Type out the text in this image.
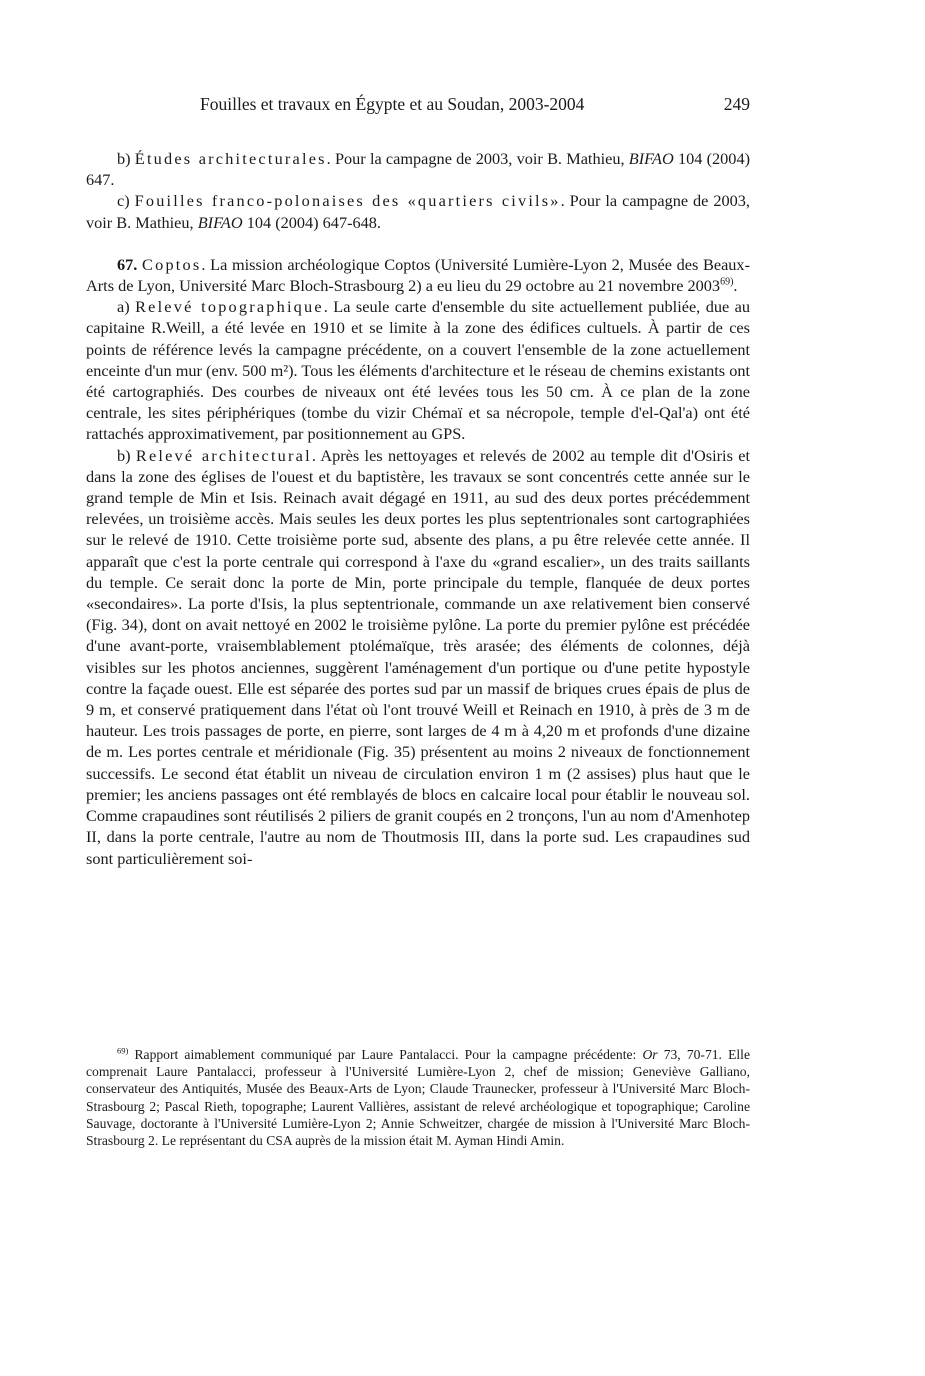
Fouilles et travaux en Égypte et au Soudan, 2003-2004	249

b) Études architecturales. Pour la campagne de 2003, voir B. Mathieu, BIFAO 104 (2004) 647.

c) Fouilles franco-polonaises des «quartiers civils». Pour la campagne de 2003, voir B. Mathieu, BIFAO 104 (2004) 647-648.

67. Coptos. La mission archéologique Coptos (Université Lumière-Lyon 2, Musée des Beaux-Arts de Lyon, Université Marc Bloch-Strasbourg 2) a eu lieu du 29 octobre au 21 novembre 2003$^{69)}$.

a) Relevé topographique. La seule carte d'ensemble du site actuellement publiée, due au capitaine R.Weill, a été levée en 1910 et se limite à la zone des édifices cultuels. À partir de ces points de référence levés la campagne précédente, on a couvert l'ensemble de la zone actuellement enceinte d'un mur (env. 500 m²). Tous les éléments d'architecture et le réseau de chemins existants ont été cartographiés. Des courbes de niveaux ont été levées tous les 50 cm. À ce plan de la zone centrale, les sites périphériques (tombe du vizir Chémaï et sa nécropole, temple d'el-Qal'a) ont été rattachés approximativement, par positionnement au GPS.

b) Relevé architectural. Après les nettoyages et relevés de 2002 au temple dit d'Osiris et dans la zone des églises de l'ouest et du baptistère, les travaux se sont concentrés cette année sur le grand temple de Min et Isis. Reinach avait dégagé en 1911, au sud des deux portes précédemment relevées, un troisième accès. Mais seules les deux portes les plus septentrionales sont cartographiées sur le relevé de 1910. Cette troisième porte sud, absente des plans, a pu être relevée cette année. Il apparaît que c'est la porte centrale qui correspond à l'axe du «grand escalier», un des traits saillants du temple. Ce serait donc la porte de Min, porte principale du temple, flanquée de deux portes «secondaires». La porte d'Isis, la plus septentrionale, commande un axe relativement bien conservé (Fig. 34), dont on avait nettoyé en 2002 le troisième pylône. La porte du premier pylône est précédée d'une avant-porte, vraisemblablement ptolémaïque, très arasée; des éléments de colonnes, déjà visibles sur les photos anciennes, suggèrent l'aménagement d'un portique ou d'une petite hypostyle contre la façade ouest. Elle est séparée des portes sud par un massif de briques crues épais de plus de 9 m, et conservé pratiquement dans l'état où l'ont trouvé Weill et Reinach en 1910, à près de 3 m de hauteur. Les trois passages de porte, en pierre, sont larges de 4 m à 4,20 m et profonds d'une dizaine de m. Les portes centrale et méridionale (Fig. 35) présentent au moins 2 niveaux de fonctionnement successifs. Le second état établit un niveau de circulation environ 1 m (2 assises) plus haut que le premier; les anciens passages ont été remblayés de blocs en calcaire local pour établir le nouveau sol. Comme crapaudines sont réutilisés 2 piliers de granit coupés en 2 tronçons, l'un au nom d'Amenhotep II, dans la porte centrale, l'autre au nom de Thoutmosis III, dans la porte sud. Les crapaudines sud sont particulièrement soi-

$^{69)}$ Rapport aimablement communiqué par Laure Pantalacci. Pour la campagne précédente: Or 73, 70-71. Elle comprenait Laure Pantalacci, professeur à l'Université Lumière-Lyon 2, chef de mission; Geneviève Galliano, conservateur des Antiquités, Musée des Beaux-Arts de Lyon; Claude Traunecker, professeur à l'Université Marc Bloch-Strasbourg 2; Pascal Rieth, topographe; Laurent Vallières, assistant de relevé archéologique et topographique; Caroline Sauvage, doctorante à l'Université Lumière-Lyon 2; Annie Schweitzer, chargée de mission à l'Université Marc Bloch-Strasbourg 2. Le représentant du CSA auprès de la mission était M. Ayman Hindi Amin.
